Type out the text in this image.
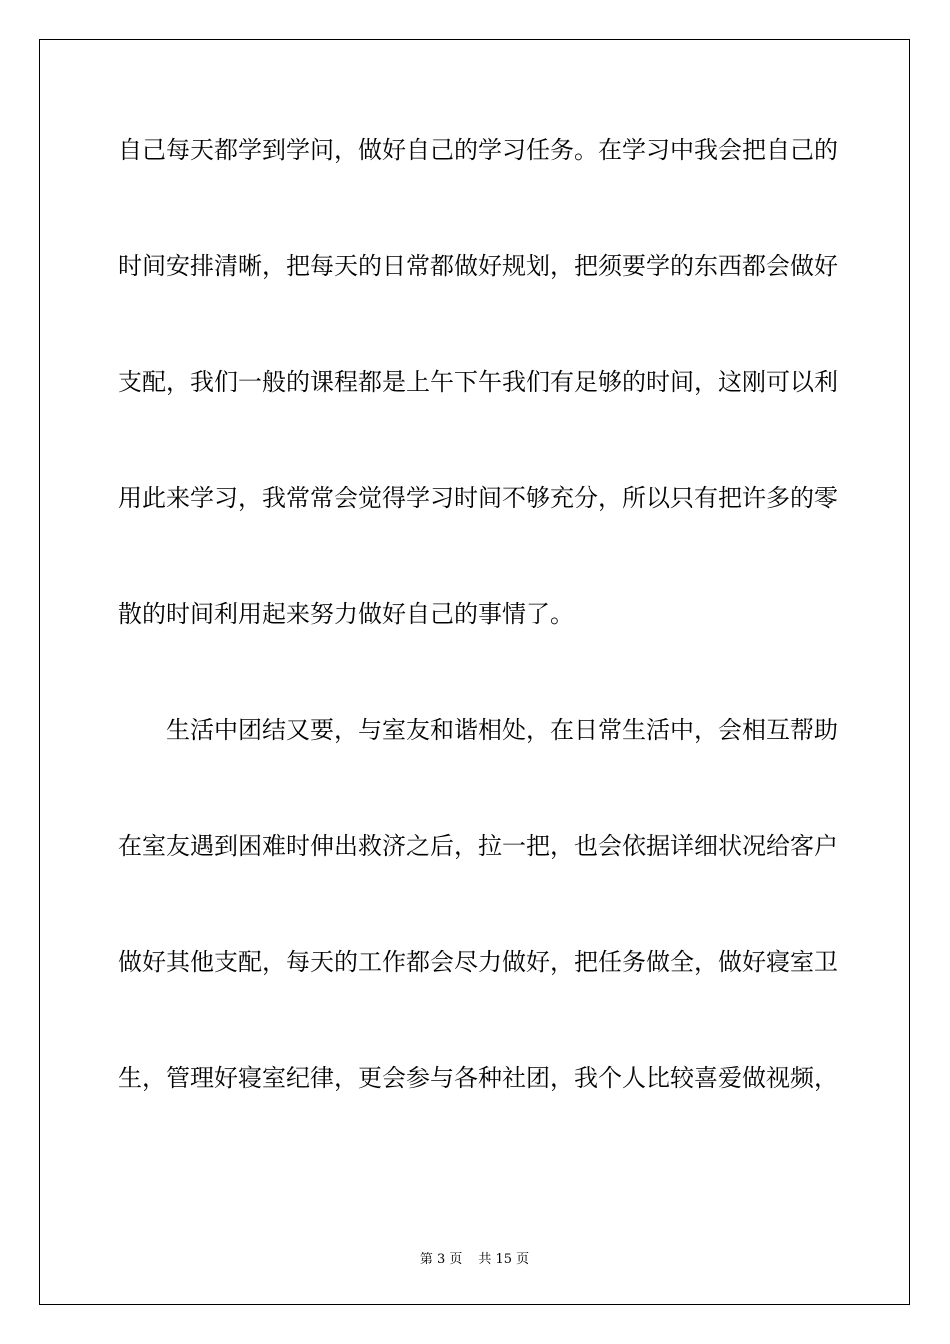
自己每天都学到学问，做好自己的学习任务。在学习中我会把自己的
时间安排清晰，把每天的日常都做好规划，把须要学的东西都会做好
支配，我们一般的课程都是上午下午我们有足够的时间，这刚可以利
用此来学习，我常常会觉得学习时间不够充分，所以只有把许多的零
散的时间利用起来努力做好自己的事情了。
生活中团结又要，与室友和谐相处，在日常生活中，会相互帮助
在室友遇到困难时伸出救济之后，拉一把，也会依据详细状况给客户
做好其他支配，每天的工作都会尽力做好，把任务做全，做好寝室卫
生，管理好寝室纪律，更会参与各种社团，我个人比较喜爱做视频，
第 3 页 共 15 页
